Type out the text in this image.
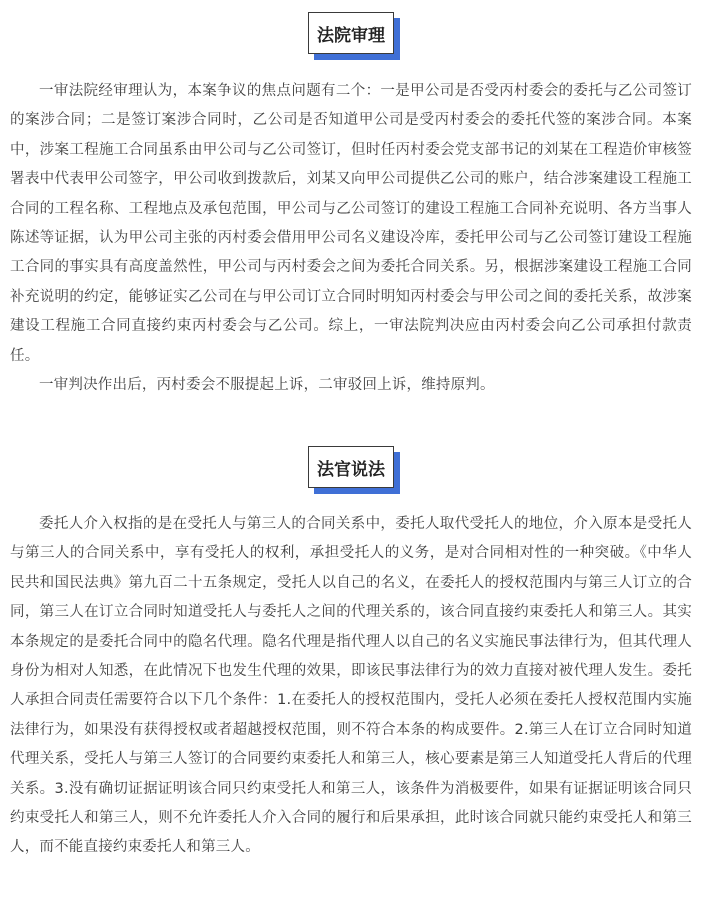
法院审理

一审法院经审理认为，本案争议的焦点问题有二个：一是甲公司是否受丙村委会的委托与乙公司签订的案涉合同；二是签订案涉合同时，乙公司是否知道甲公司是受丙村委会的委托代签的案涉合同。本案中，涉案工程施工合同虽系由甲公司与乙公司签订，但时任丙村委会党支部书记的刘某在工程造价审核签署表中代表甲公司签字，甲公司收到拨款后，刘某又向甲公司提供乙公司的账户，结合涉案建设工程施工合同的工程名称、工程地点及承包范围，甲公司与乙公司签订的建设工程施工合同补充说明、各方当事人陈述等证据，认为甲公司主张的丙村委会借用甲公司名义建设冷库，委托甲公司与乙公司签订建设工程施工合同的事实具有高度盖然性，甲公司与丙村委会之间为委托合同关系。另，根据涉案建设工程施工合同补充说明的约定，能够证实乙公司在与甲公司订立合同时明知丙村委会与甲公司之间的委托关系，故涉案建设工程施工合同直接约束丙村委会与乙公司。综上，一审法院判决应由丙村委会向乙公司承担付款责任。

一审判决作出后，丙村委会不服提起上诉，二审驳回上诉，维持原判。

法官说法

委托人介入权指的是在受托人与第三人的合同关系中，委托人取代受托人的地位，介入原本是受托人与第三人的合同关系中，享有受托人的权利，承担受托人的义务，是对合同相对性的一种突破。《中华人民共和国民法典》第九百二十五条规定，受托人以自己的名义，在委托人的授权范围内与第三人订立的合同，第三人在订立合同时知道受托人与委托人之间的代理关系的，该合同直接约束委托人和第三人。其实本条规定的是委托合同中的隐名代理。隐名代理是指代理人以自己的名义实施民事法律行为，但其代理人身份为相对人知悉，在此情况下也发生代理的效果，即该民事法律行为的效力直接对被代理人发生。委托人承担合同责任需要符合以下几个条件：1.在委托人的授权范围内，受托人必须在委托人授权范围内实施法律行为，如果没有获得授权或者超越授权范围，则不符合本条的构成要件。2.第三人在订立合同时知道代理关系，受托人与第三人签订的合同要约束委托人和第三人，核心要素是第三人知道受托人背后的代理关系。3.没有确切证据证明该合同只约束受托人和第三人，该条件为消极要件，如果有证据证明该合同只约束受托人和第三人，则不允许委托人介入合同的履行和后果承担，此时该合同就只能约束受托人和第三人，而不能直接约束委托人和第三人。
